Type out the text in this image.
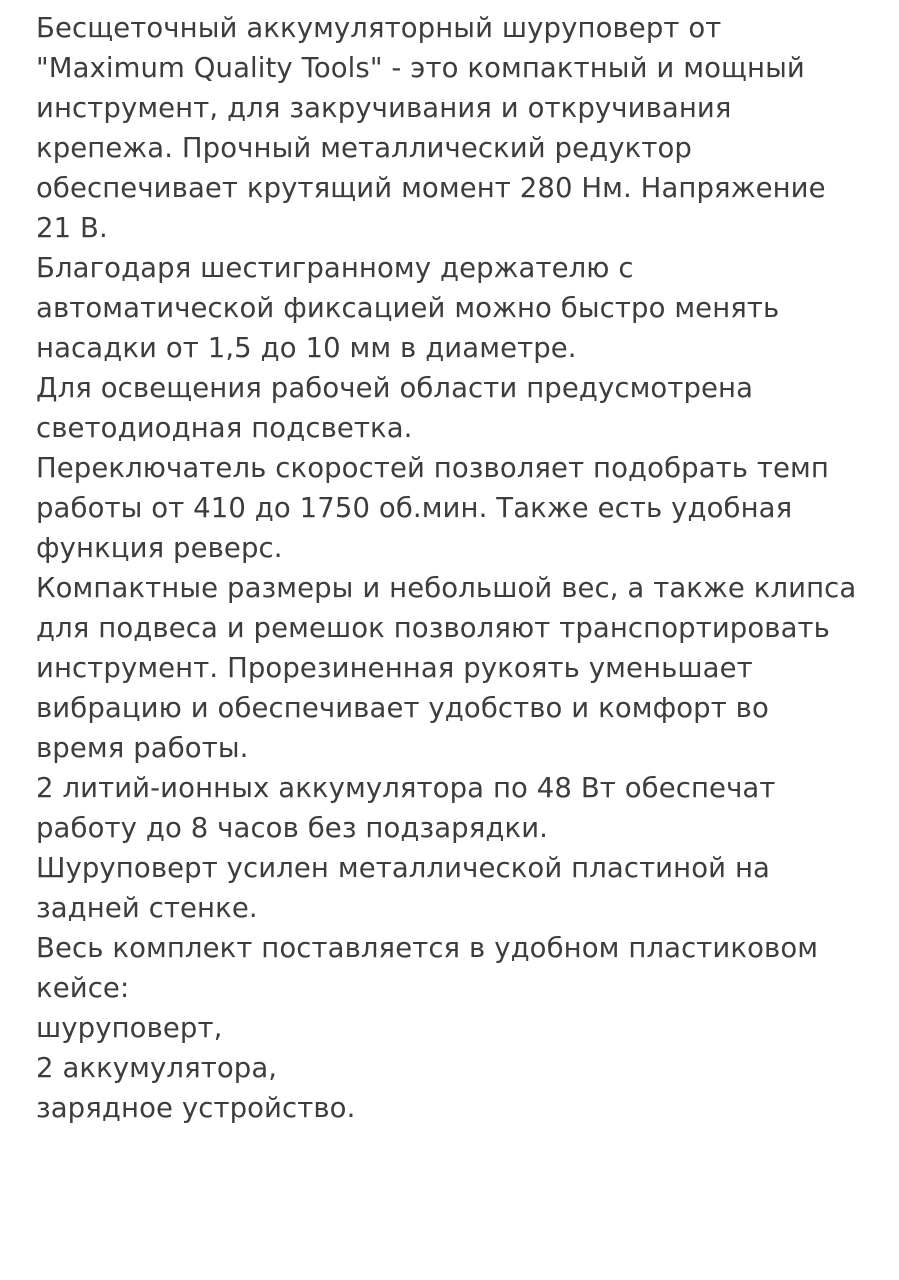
Бесщеточный аккумуляторный шуруповерт от "Maximum Quality Tools" - это компактный и мощный инструмент, для закручивания и откручивания крепежа. Прочный металлический редуктор обеспечивает крутящий момент 280 Нм. Напряжение 21 В.

Благодаря шестигранному держателю с автоматической фиксацией можно быстро менять насадки от 1,5 до 10 мм в диаметре.

Для освещения рабочей области предусмотрена светодиодная подсветка.

Переключатель скоростей позволяет подобрать темп работы от 410 до 1750 об.мин. Также есть удобная функция реверс.

Компактные размеры и небольшой вес, а также клипса для подвеса и ремешок позволяют транспортировать инструмент. Прорезиненная рукоять уменьшает вибрацию и обеспечивает удобство и комфорт во время работы.

2 литий-ионных аккумулятора по 48 Вт обеспечат работу до 8 часов без подзарядки.

Шуруповерт усилен металлической пластиной на задней стенке.

Весь комплект поставляется в удобном пластиковом кейсе:

шуруповерт,

2 аккумулятора,

зарядное устройство.
